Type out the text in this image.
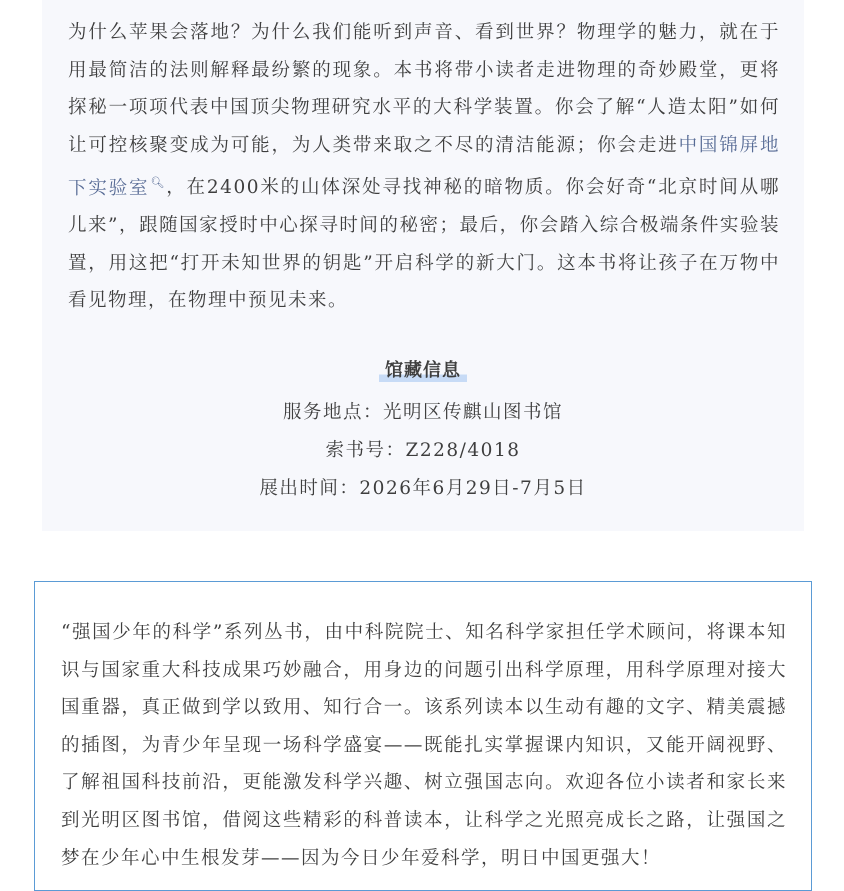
为什么苹果会落地？为什么我们能听到声音、看到世界？物理学的魅力，就在于用最简洁的法则解释最纷繁的现象。本书将带小读者走进物理的奇妙殿堂，更将探秘一项项代表中国顶尖物理研究水平的大科学装置。你会了解“人造太阳”如何让可控核聚变成为可能，为人类带来取之不尽的清洁能源；你会走进中国锦屏地下实验室🔍︎，在2400米的山体深处寻找神秘的暗物质。你会好奇“北京时间从哪儿来”，跟随国家授时中心探寻时间的秘密；最后，你会踏入综合极端条件实验装置，用这把“打开未知世界的钥匙”开启科学的新大门。这本书将让孩子在万物中看见物理，在物理中预见未来。

馆藏信息
服务地点：光明区传麒山图书馆
索书号：Z228/4018
展出时间：2026年6月29日-7月5日

“强国少年的科学”系列丛书，由中科院院士、知名科学家担任学术顾问，将课本知识与国家重大科技成果巧妙融合，用身边的问题引出科学原理，用科学原理对接大国重器，真正做到学以致用、知行合一。该系列读本以生动有趣的文字、精美震撼的插图，为青少年呈现一场科学盛宴——既能扎实掌握课内知识，又能开阔视野、了解祖国科技前沿，更能激发科学兴趣、树立强国志向。欢迎各位小读者和家长来到光明区图书馆，借阅这些精彩的科普读本，让科学之光照亮成长之路，让强国之梦在少年心中生根发芽——因为今日少年爱科学，明日中国更强大！
